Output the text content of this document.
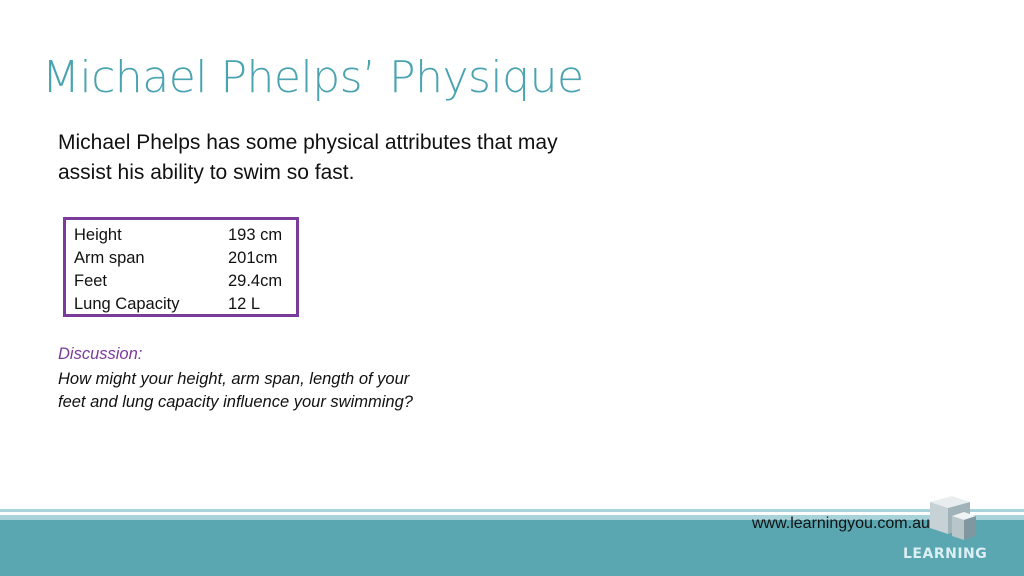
Michael Phelps’ Physique
Michael Phelps has some physical attributes that may assist his ability to swim so fast.
Height	193 cm
Arm span	201cm
Feet	29.4cm
Lung Capacity	12 L
Discussion:
How might your height, arm span, length of your feet and lung capacity influence your swimming?
www.learningyou.com.au
LEARNING
